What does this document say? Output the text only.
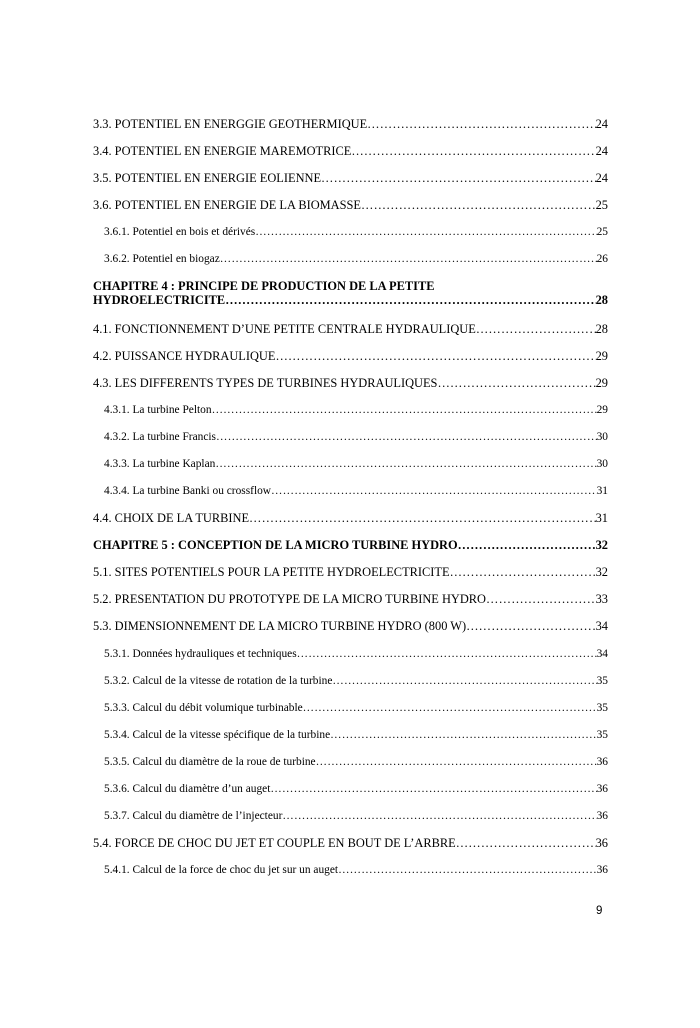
3.3. POTENTIEL EN ENERGGIE GEOTHERMIQUE ………………………………………………………………………………………………………………………………………………………………………………	24
3.4. POTENTIEL EN ENERGIE MAREMOTRICE ………………………………………………………………………………………………………………………………………………………………………………	24
3.5. POTENTIEL EN ENERGIE EOLIENNE ………………………………………………………………………………………………………………………………………………………………………………	24
3.6. POTENTIEL EN ENERGIE DE LA BIOMASSE ………………………………………………………………………………………………………………………………………………………………………………	25
3.6.1. Potentiel en bois et dérivés ………………………………………………………………………………………………………………………………………………………………………………	25
3.6.2. Potentiel en biogaz ………………………………………………………………………………………………………………………………………………………………………………	26
CHAPITRE 4 : PRINCIPE DE PRODUCTION DE LA PETITE
HYDROELECTRICITE ………………………………………………………………………………………………………………………………………………………………………………	28
4.1. FONCTIONNEMENT D’UNE PETITE CENTRALE HYDRAULIQUE ………………………………………………………………………………………………………………………………………………………………………………	28
4.2. PUISSANCE HYDRAULIQUE ………………………………………………………………………………………………………………………………………………………………………………	29
4.3. LES DIFFERENTS TYPES DE TURBINES HYDRAULIQUES ………………………………………………………………………………………………………………………………………………………………………………	29
4.3.1. La turbine Pelton ………………………………………………………………………………………………………………………………………………………………………………	29
4.3.2. La turbine Francis ………………………………………………………………………………………………………………………………………………………………………………	30
4.3.3. La turbine Kaplan ………………………………………………………………………………………………………………………………………………………………………………	30
4.3.4. La turbine Banki ou crossflow ………………………………………………………………………………………………………………………………………………………………………………	31
4.4. CHOIX DE LA TURBINE ………………………………………………………………………………………………………………………………………………………………………………	31
CHAPITRE 5 : CONCEPTION DE LA MICRO TURBINE HYDRO ………………………………………………………………………………………………………………………………………………………………………………	32
5.1. SITES POTENTIELS POUR LA PETITE HYDROELECTRICITE ………………………………………………………………………………………………………………………………………………………………………………	32
5.2. PRESENTATION DU PROTOTYPE DE LA MICRO TURBINE HYDRO ………………………………………………………………………………………………………………………………………………………………………………	33
5.3. DIMENSIONNEMENT DE LA MICRO TURBINE HYDRO (800 W) ………………………………………………………………………………………………………………………………………………………………………………	34
5.3.1. Données hydrauliques et techniques ………………………………………………………………………………………………………………………………………………………………………………	34
5.3.2. Calcul de la vitesse de rotation de la turbine ………………………………………………………………………………………………………………………………………………………………………………	35
5.3.3. Calcul du débit volumique turbinable ………………………………………………………………………………………………………………………………………………………………………………	35
5.3.4. Calcul de la vitesse spécifique de la turbine ………………………………………………………………………………………………………………………………………………………………………………	35
5.3.5. Calcul du diamètre de la roue de turbine ………………………………………………………………………………………………………………………………………………………………………………	36
5.3.6. Calcul du diamètre d’un auget ………………………………………………………………………………………………………………………………………………………………………………	36
5.3.7. Calcul du diamètre de l’injecteur ………………………………………………………………………………………………………………………………………………………………………………	36
5.4. FORCE DE CHOC DU JET ET COUPLE EN BOUT DE L’ARBRE ………………………………………………………………………………………………………………………………………………………………………………	36
5.4.1. Calcul de la force de choc du jet sur un auget ………………………………………………………………………………………………………………………………………………………………………………	36
9
